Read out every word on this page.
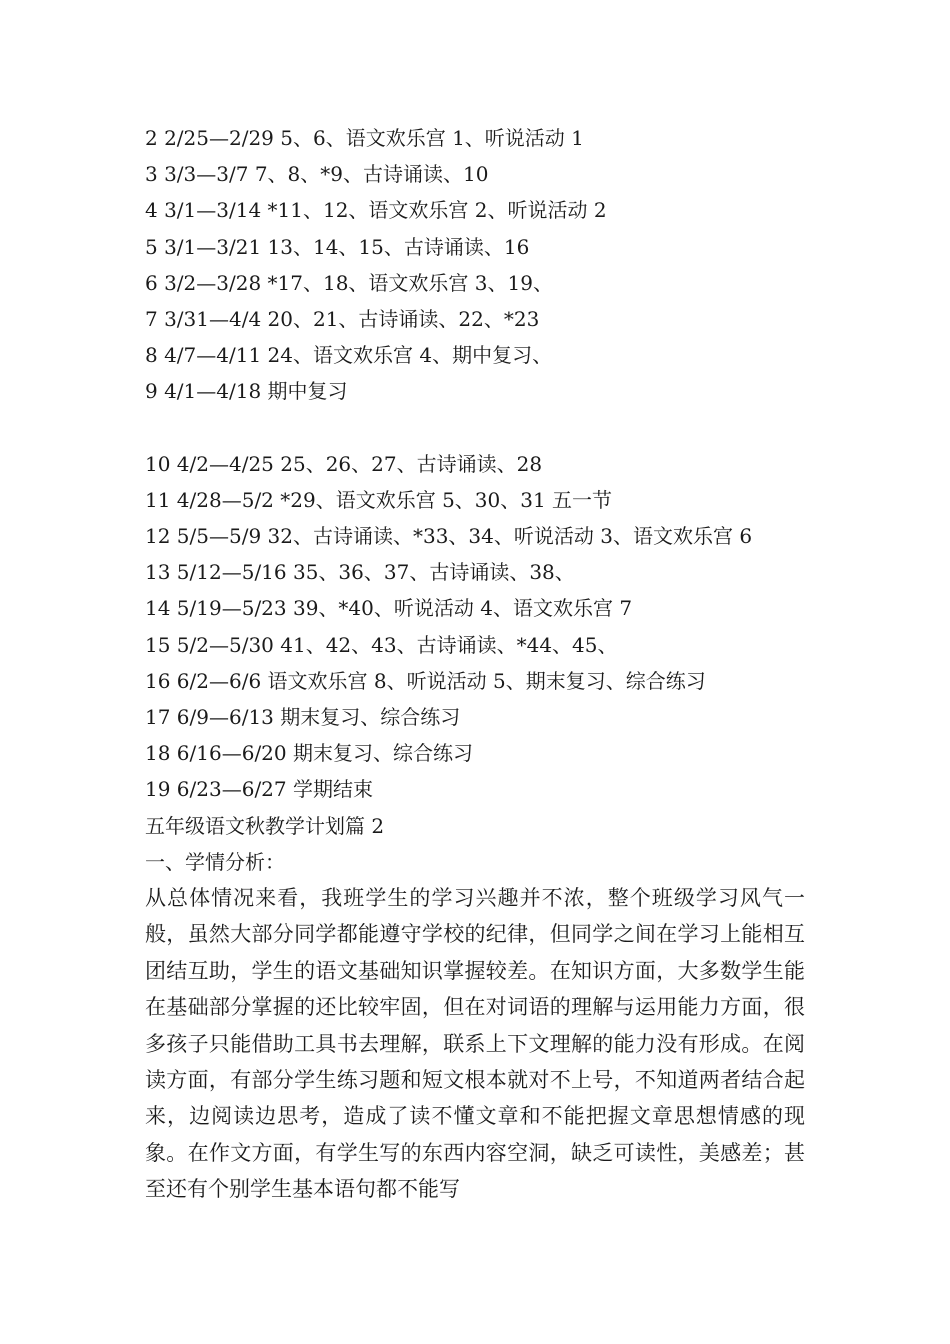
2 2/25—2/29 5、6、语文欢乐宫 1、听说活动 1
3 3/3—3/7 7、8、*9、古诗诵读、10
4 3/1—3/14 *11、12、语文欢乐宫 2、听说活动 2
5 3/1—3/21 13、14、15、古诗诵读、16
6 3/2—3/28 *17、18、语文欢乐宫 3、19、
7 3/31—4/4 20、21、古诗诵读、22、*23
8 4/7—4/11 24、语文欢乐宫 4、期中复习、
9 4/1—4/18 期中复习
10 4/2—4/25 25、26、27、古诗诵读、28
11 4/28—5/2 *29、语文欢乐宫 5、30、31 五一节
12 5/5—5/9 32、古诗诵读、*33、34、听说活动 3、语文欢乐宫 6
13 5/12—5/16 35、36、37、古诗诵读、38、
14 5/19—5/23 39、*40、听说活动 4、语文欢乐宫 7
15 5/2—5/30 41、42、43、古诗诵读、*44、45、
16 6/2—6/6 语文欢乐宫 8、听说活动 5、期末复习、综合练习
17 6/9—6/13 期末复习、综合练习
18 6/16—6/20 期末复习、综合练习
19 6/23—6/27 学期结束
五年级语文秋教学计划篇 2
一、学情分析：

从总体情况来看，我班学生的学习兴趣并不浓，整个班级学习风气一般，虽然大部分同学都能遵守学校的纪律，但同学之间在学习上能相互团结互助，学生的语文基础知识掌握较差。在知识方面，大多数学生能在基础部分掌握的还比较牢固，但在对词语的理解与运用能力方面，很多孩子只能借助工具书去理解，联系上下文理解的能力没有形成。在阅读方面，有部分学生练习题和短文根本就对不上号，不知道两者结合起来，边阅读边思考，造成了读不懂文章和不能把握文章思想情感的现象。在作文方面，有学生写的东西内容空洞，缺乏可读性，美感差；甚至还有个别学生基本语句都不能写
